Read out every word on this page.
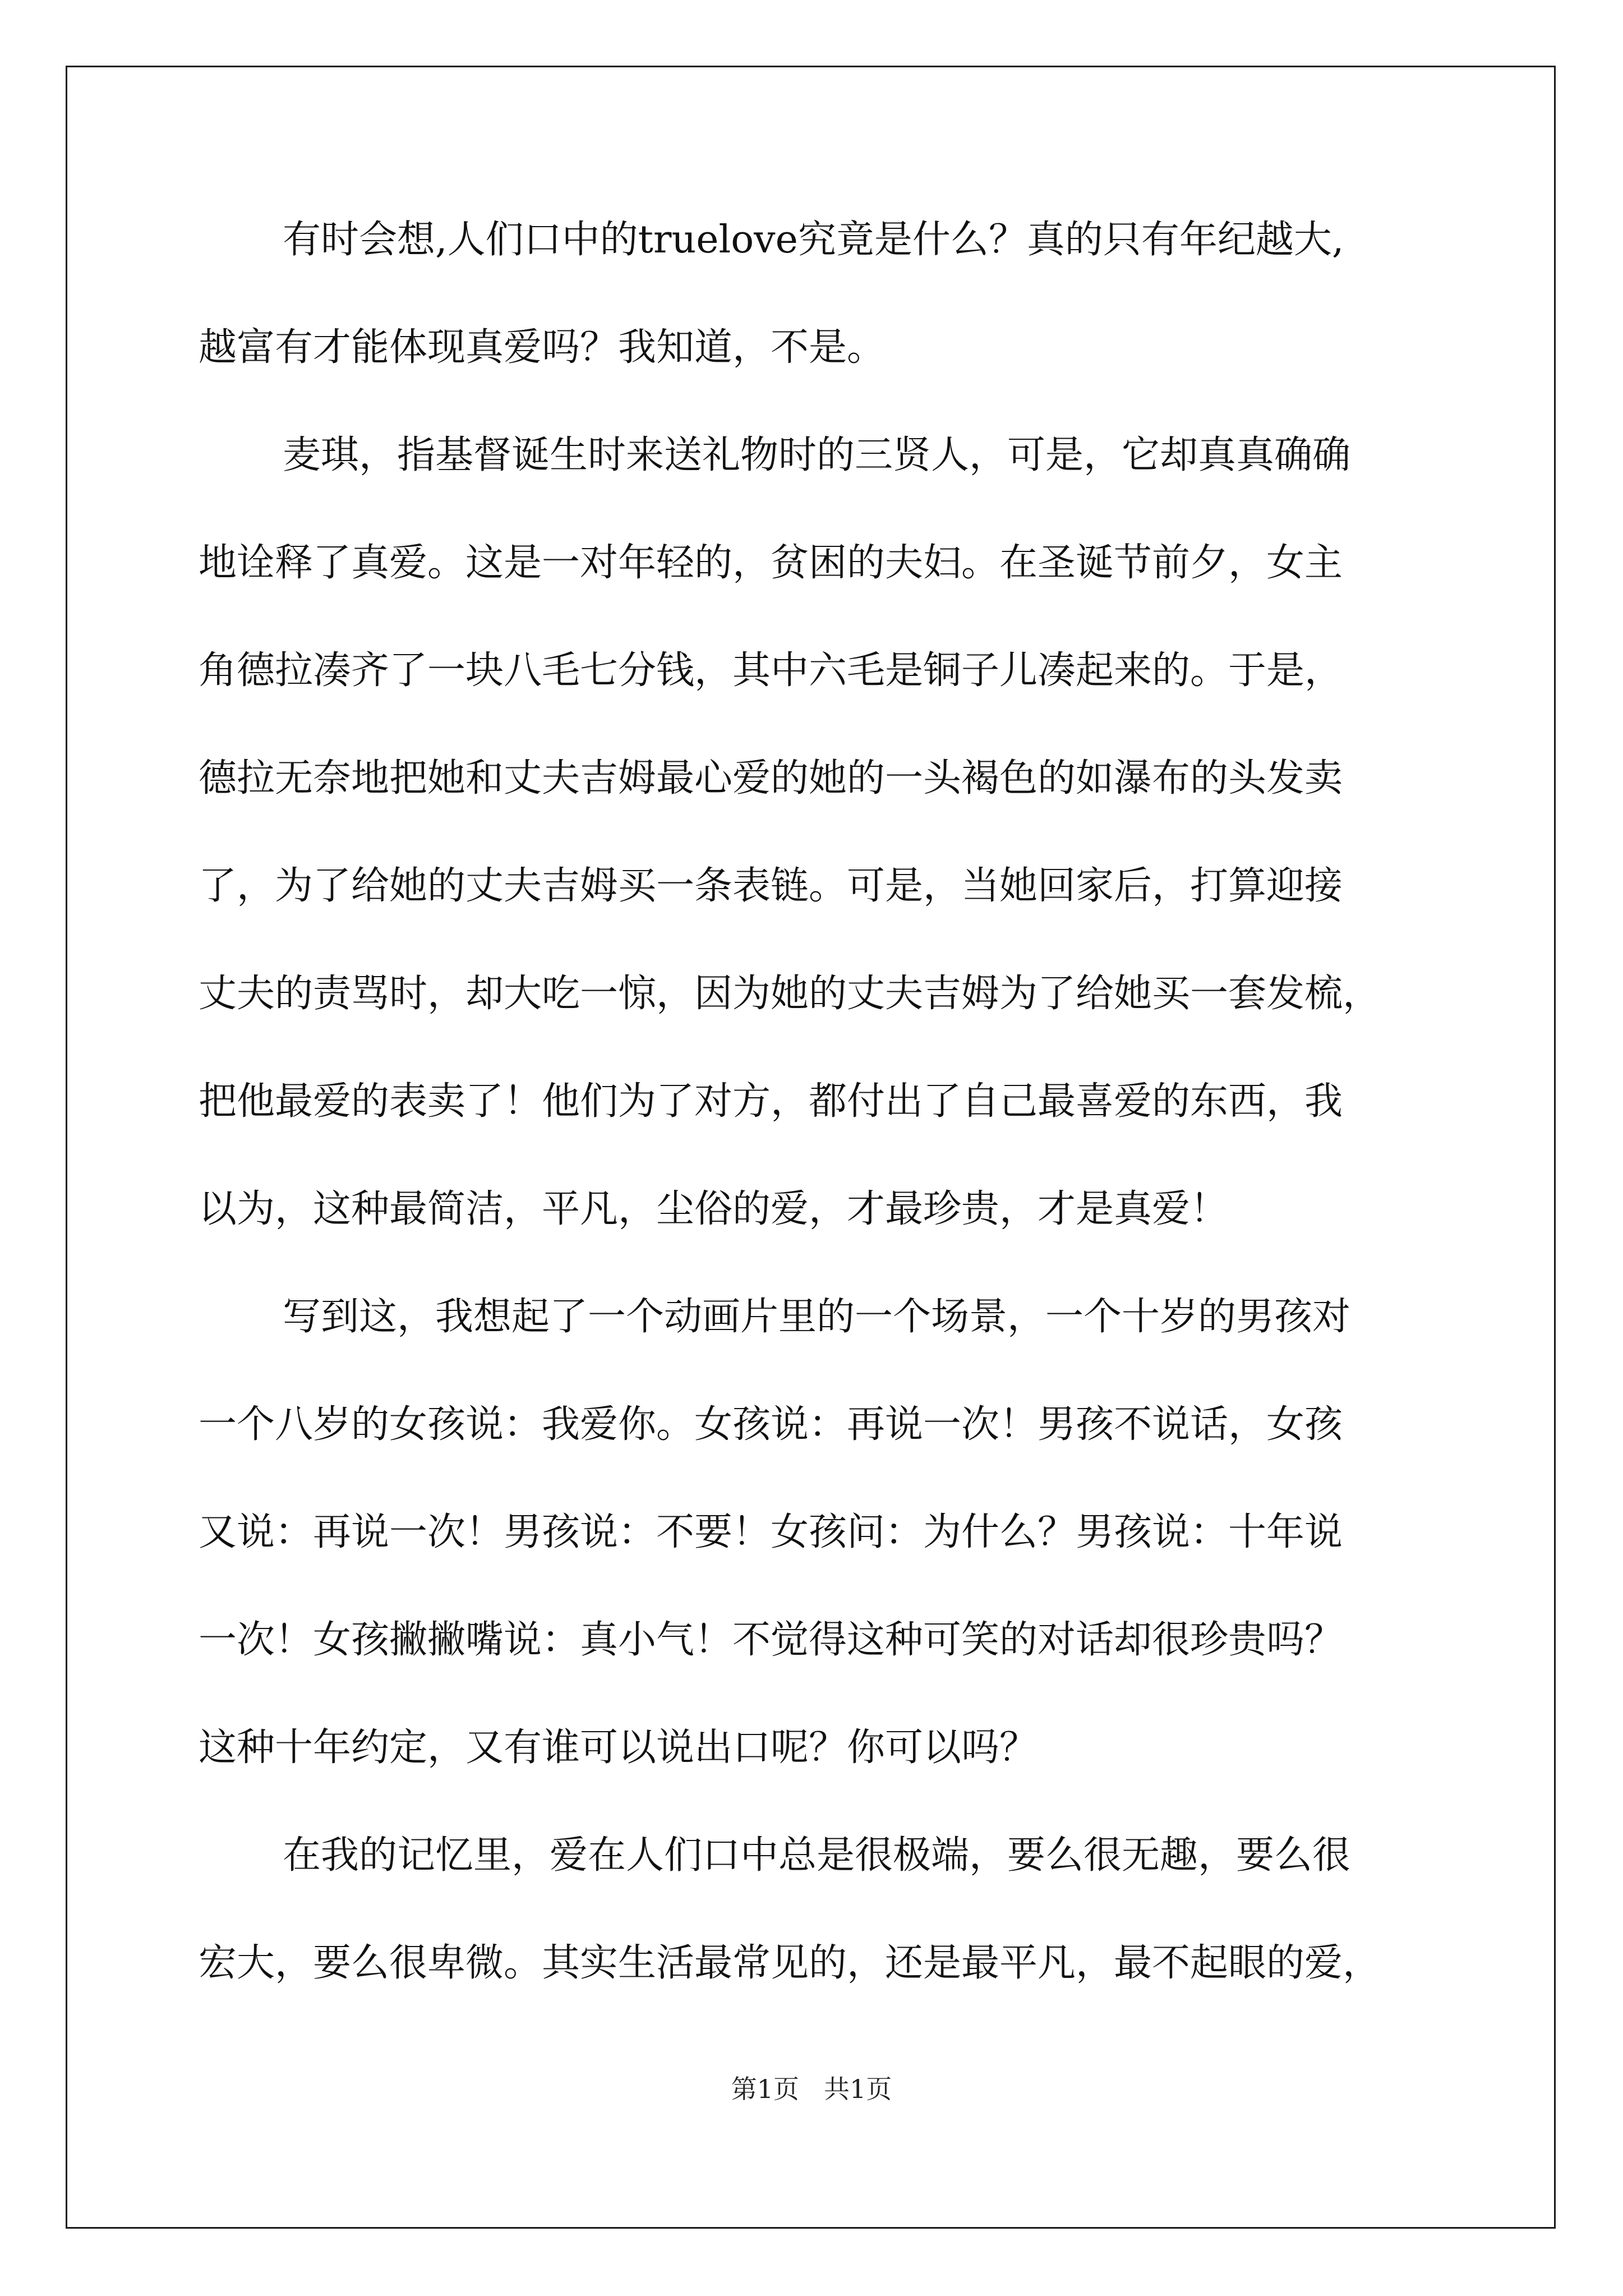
有时会想,人们口中的truelove究竟是什么？真的只有年纪越大,
越富有才能体现真爱吗？我知道，不是。
麦琪，指基督诞生时来送礼物时的三贤人，可是，它却真真确确
地诠释了真爱。这是一对年轻的，贫困的夫妇。在圣诞节前夕，女主
角德拉凑齐了一块八毛七分钱，其中六毛是铜子儿凑起来的。于是，
德拉无奈地把她和丈夫吉姆最心爱的她的一头褐色的如瀑布的头发卖
了，为了给她的丈夫吉姆买一条表链。可是，当她回家后，打算迎接
丈夫的责骂时，却大吃一惊，因为她的丈夫吉姆为了给她买一套发梳，
把他最爱的表卖了！他们为了对方，都付出了自己最喜爱的东西，我
以为，这种最简洁，平凡，尘俗的爱，才最珍贵，才是真爱！
写到这，我想起了一个动画片里的一个场景，一个十岁的男孩对
一个八岁的女孩说：我爱你。女孩说：再说一次！男孩不说话，女孩
又说：再说一次！男孩说：不要！女孩问：为什么？男孩说：十年说
一次！女孩撇撇嘴说：真小气！不觉得这种可笑的对话却很珍贵吗？
这种十年约定，又有谁可以说出口呢？你可以吗？
在我的记忆里，爱在人们口中总是很极端，要么很无趣，要么很
宏大，要么很卑微。其实生活最常见的，还是最平凡，最不起眼的爱，
第1页 共1页
